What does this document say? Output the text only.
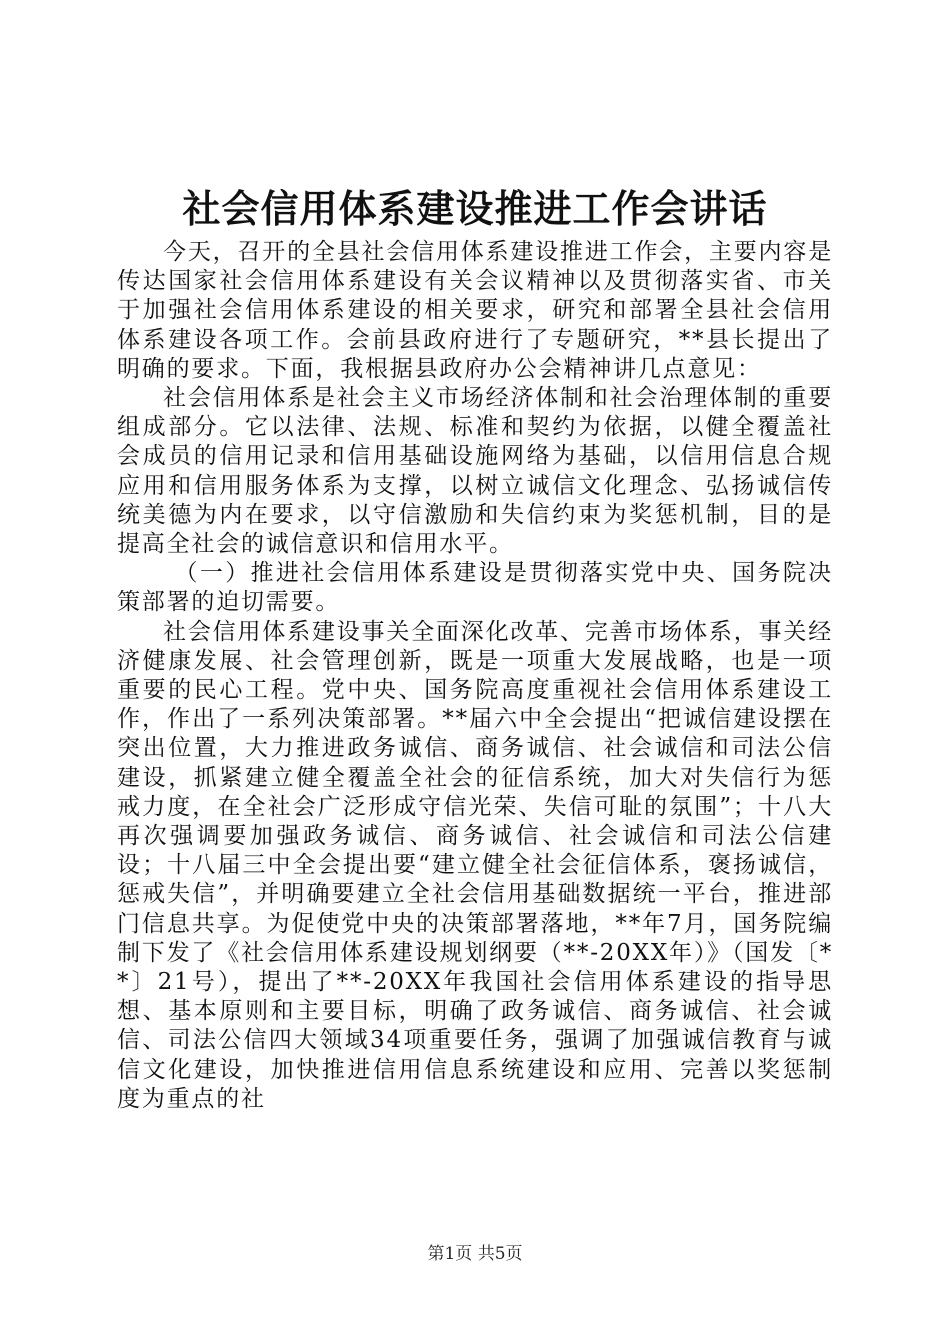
社会信用体系建设推进工作会讲话

今天，召开的全县社会信用体系建设推进工作会，主要内容是传达国家社会信用体系建设有关会议精神以及贯彻落实省、市关于加强社会信用体系建设的相关要求，研究和部署全县社会信用体系建设各项工作。会前县政府进行了专题研究，**县长提出了明确的要求。下面，我根据县政府办公会精神讲几点意见：

社会信用体系是社会主义市场经济体制和社会治理体制的重要组成部分。它以法律、法规、标准和契约为依据，以健全覆盖社会成员的信用记录和信用基础设施网络为基础，以信用信息合规应用和信用服务体系为支撑，以树立诚信文化理念、弘扬诚信传统美德为内在要求，以守信激励和失信约束为奖惩机制，目的是提高全社会的诚信意识和信用水平。

（一）推进社会信用体系建设是贯彻落实党中央、国务院决策部署的迫切需要。

社会信用体系建设事关全面深化改革、完善市场体系，事关经济健康发展、社会管理创新，既是一项重大发展战略，也是一项重要的民心工程。党中央、国务院高度重视社会信用体系建设工作，作出了一系列决策部署。**届六中全会提出“把诚信建设摆在突出位置，大力推进政务诚信、商务诚信、社会诚信和司法公信建设，抓紧建立健全覆盖全社会的征信系统，加大对失信行为惩戒力度，在全社会广泛形成守信光荣、失信可耻的氛围”；十八大再次强调要加强政务诚信、商务诚信、社会诚信和司法公信建设；十八届三中全会提出要“建立健全社会征信体系，褒扬诚信，惩戒失信”，并明确要建立全社会信用基础数据统一平台，推进部门信息共享。为促使党中央的决策部署落地，**年7月，国务院编制下发了《社会信用体系建设规划纲要（**-20XX年）》（国发〔**〕21号），提出了**-20XX年我国社会信用体系建设的指导思想、基本原则和主要目标，明确了政务诚信、商务诚信、社会诚信、司法公信四大领域34项重要任务，强调了加强诚信教育与诚信文化建设，加快推进信用信息系统建设和应用、完善以奖惩制度为重点的社

第1页 共5页
